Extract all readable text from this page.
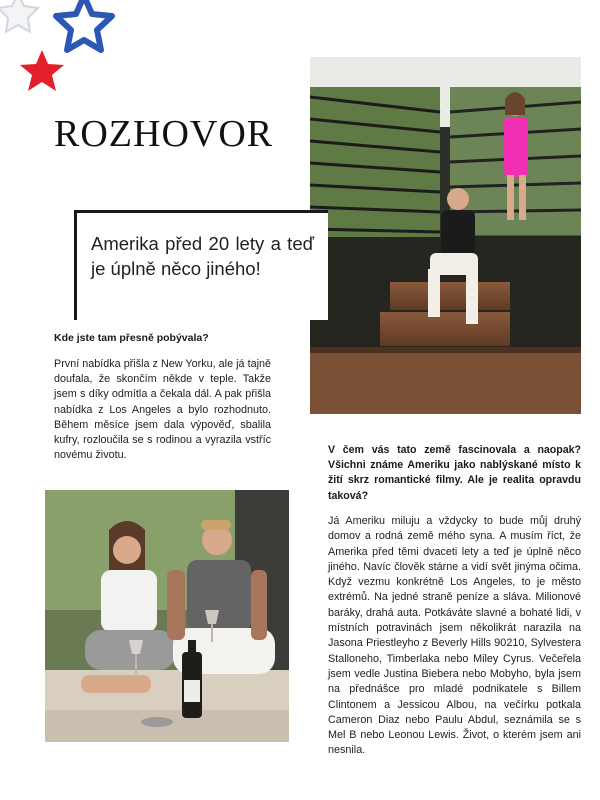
ROZHOVOR
Amerika před 20 lety a teď je úplně něco jiného!
Kde jste tam přesně pobývala?
První nabídka přišla z New Yorku, ale já tajně doufala, že skončím někde v teple. Takže jsem s díky odmítla a čekala dál. A pak přišla nabídka z Los Angeles a bylo rozhodnuto. Během měsíce jsem dala výpověď, sbalila kufry, rozloučila se s rodinou a vyrazila vstříc novému životu.	V čem vás tato země fascinovala a naopak? Všichni známe Ameriku jako nablýskané místo k žití skrz romantické filmy. Ale je realita opravdu taková?
Já Ameriku miluju a vždycky to bude můj druhý domov a rodná země mého syna. A musím říct, že Amerika před těmi dvaceti lety a teď je úplně něco jiného. Navíc člověk stárne a vidí svět jinýma očima. Když vezmu konkrétně Los Angeles, to je město extrémů. Na jedné straně peníze a sláva. Milionové baráky, drahá auta. Potkáváte slavné a bohaté lidi, v místních potravinách jsem několikrát narazila na Jasona Priestleyho z Beverly Hills 90210, Sylvestera Stalloneho, Timberlaka nebo Miley Cyrus. Večeřela jsem vedle Justina Biebera nebo Mobyho, byla jsem na přednášce pro mladé podnikatele s Billem Clintonem a Jessicou Albou, na večírku potkala Cameron Diaz nebo Paulu Abdul, seznámila se s Mel B nebo Leonou Lewis. Život, o kterém jsem ani nesnila.
